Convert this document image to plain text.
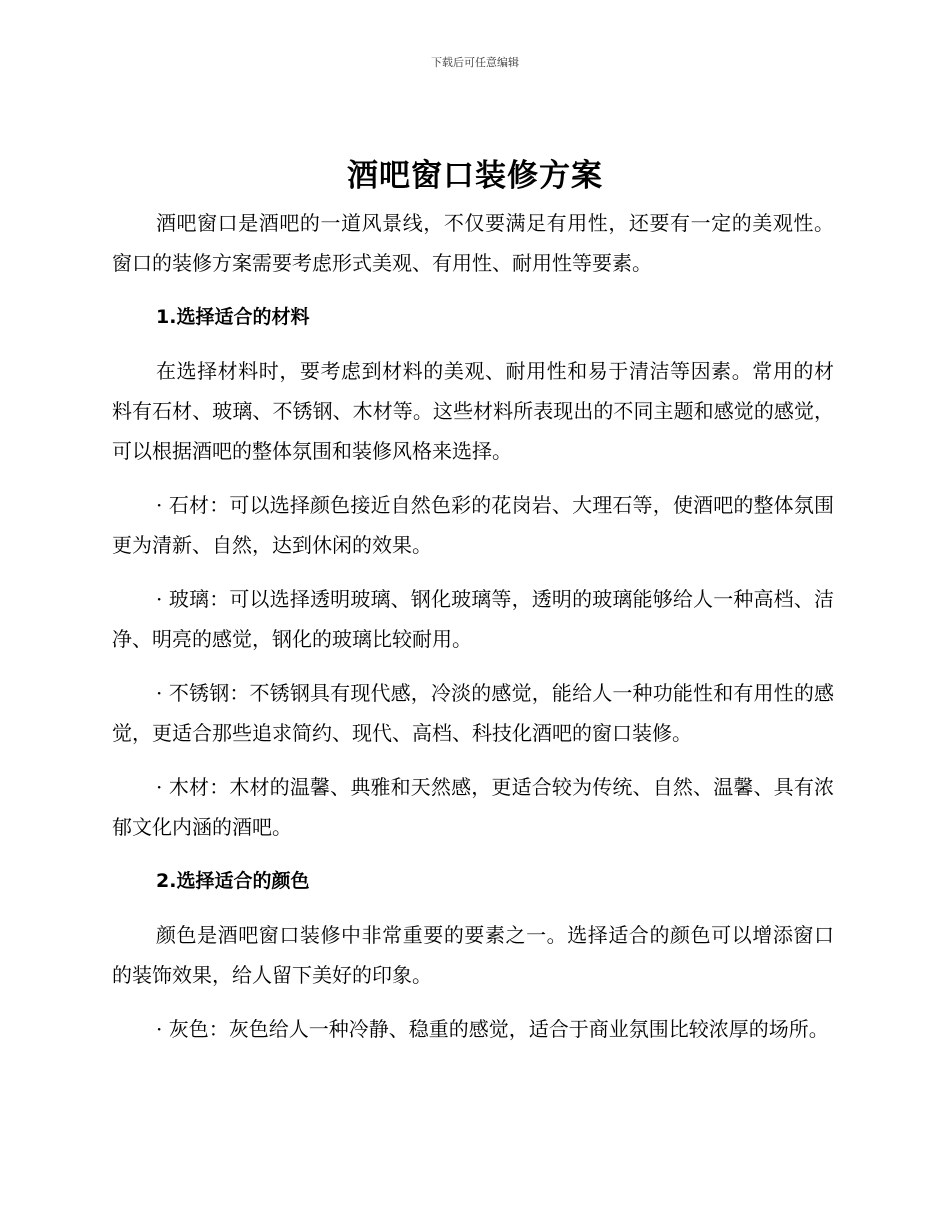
下载后可任意编辑
酒吧窗口装修方案

酒吧窗口是酒吧的一道风景线，不仅要满足有用性，还要有一定的美观性。窗口的装修方案需要考虑形式美观、有用性、耐用性等要素。

1.选择适合的材料

在选择材料时，要考虑到材料的美观、耐用性和易于清洁等因素。常用的材料有石材、玻璃、不锈钢、木材等。这些材料所表现出的不同主题和感觉的感觉，可以根据酒吧的整体氛围和装修风格来选择。

· 石材：可以选择颜色接近自然色彩的花岗岩、大理石等，使酒吧的整体氛围更为清新、自然，达到休闲的效果。

· 玻璃：可以选择透明玻璃、钢化玻璃等，透明的玻璃能够给人一种高档、洁净、明亮的感觉，钢化的玻璃比较耐用。

· 不锈钢：不锈钢具有现代感，冷淡的感觉，能给人一种功能性和有用性的感觉，更适合那些追求简约、现代、高档、科技化酒吧的窗口装修。

· 木材：木材的温馨、典雅和天然感，更适合较为传统、自然、温馨、具有浓郁文化内涵的酒吧。

2.选择适合的颜色

颜色是酒吧窗口装修中非常重要的要素之一。选择适合的颜色可以增添窗口的装饰效果，给人留下美好的印象。

· 灰色：灰色给人一种冷静、稳重的感觉，适合于商业氛围比较浓厚的场所。
